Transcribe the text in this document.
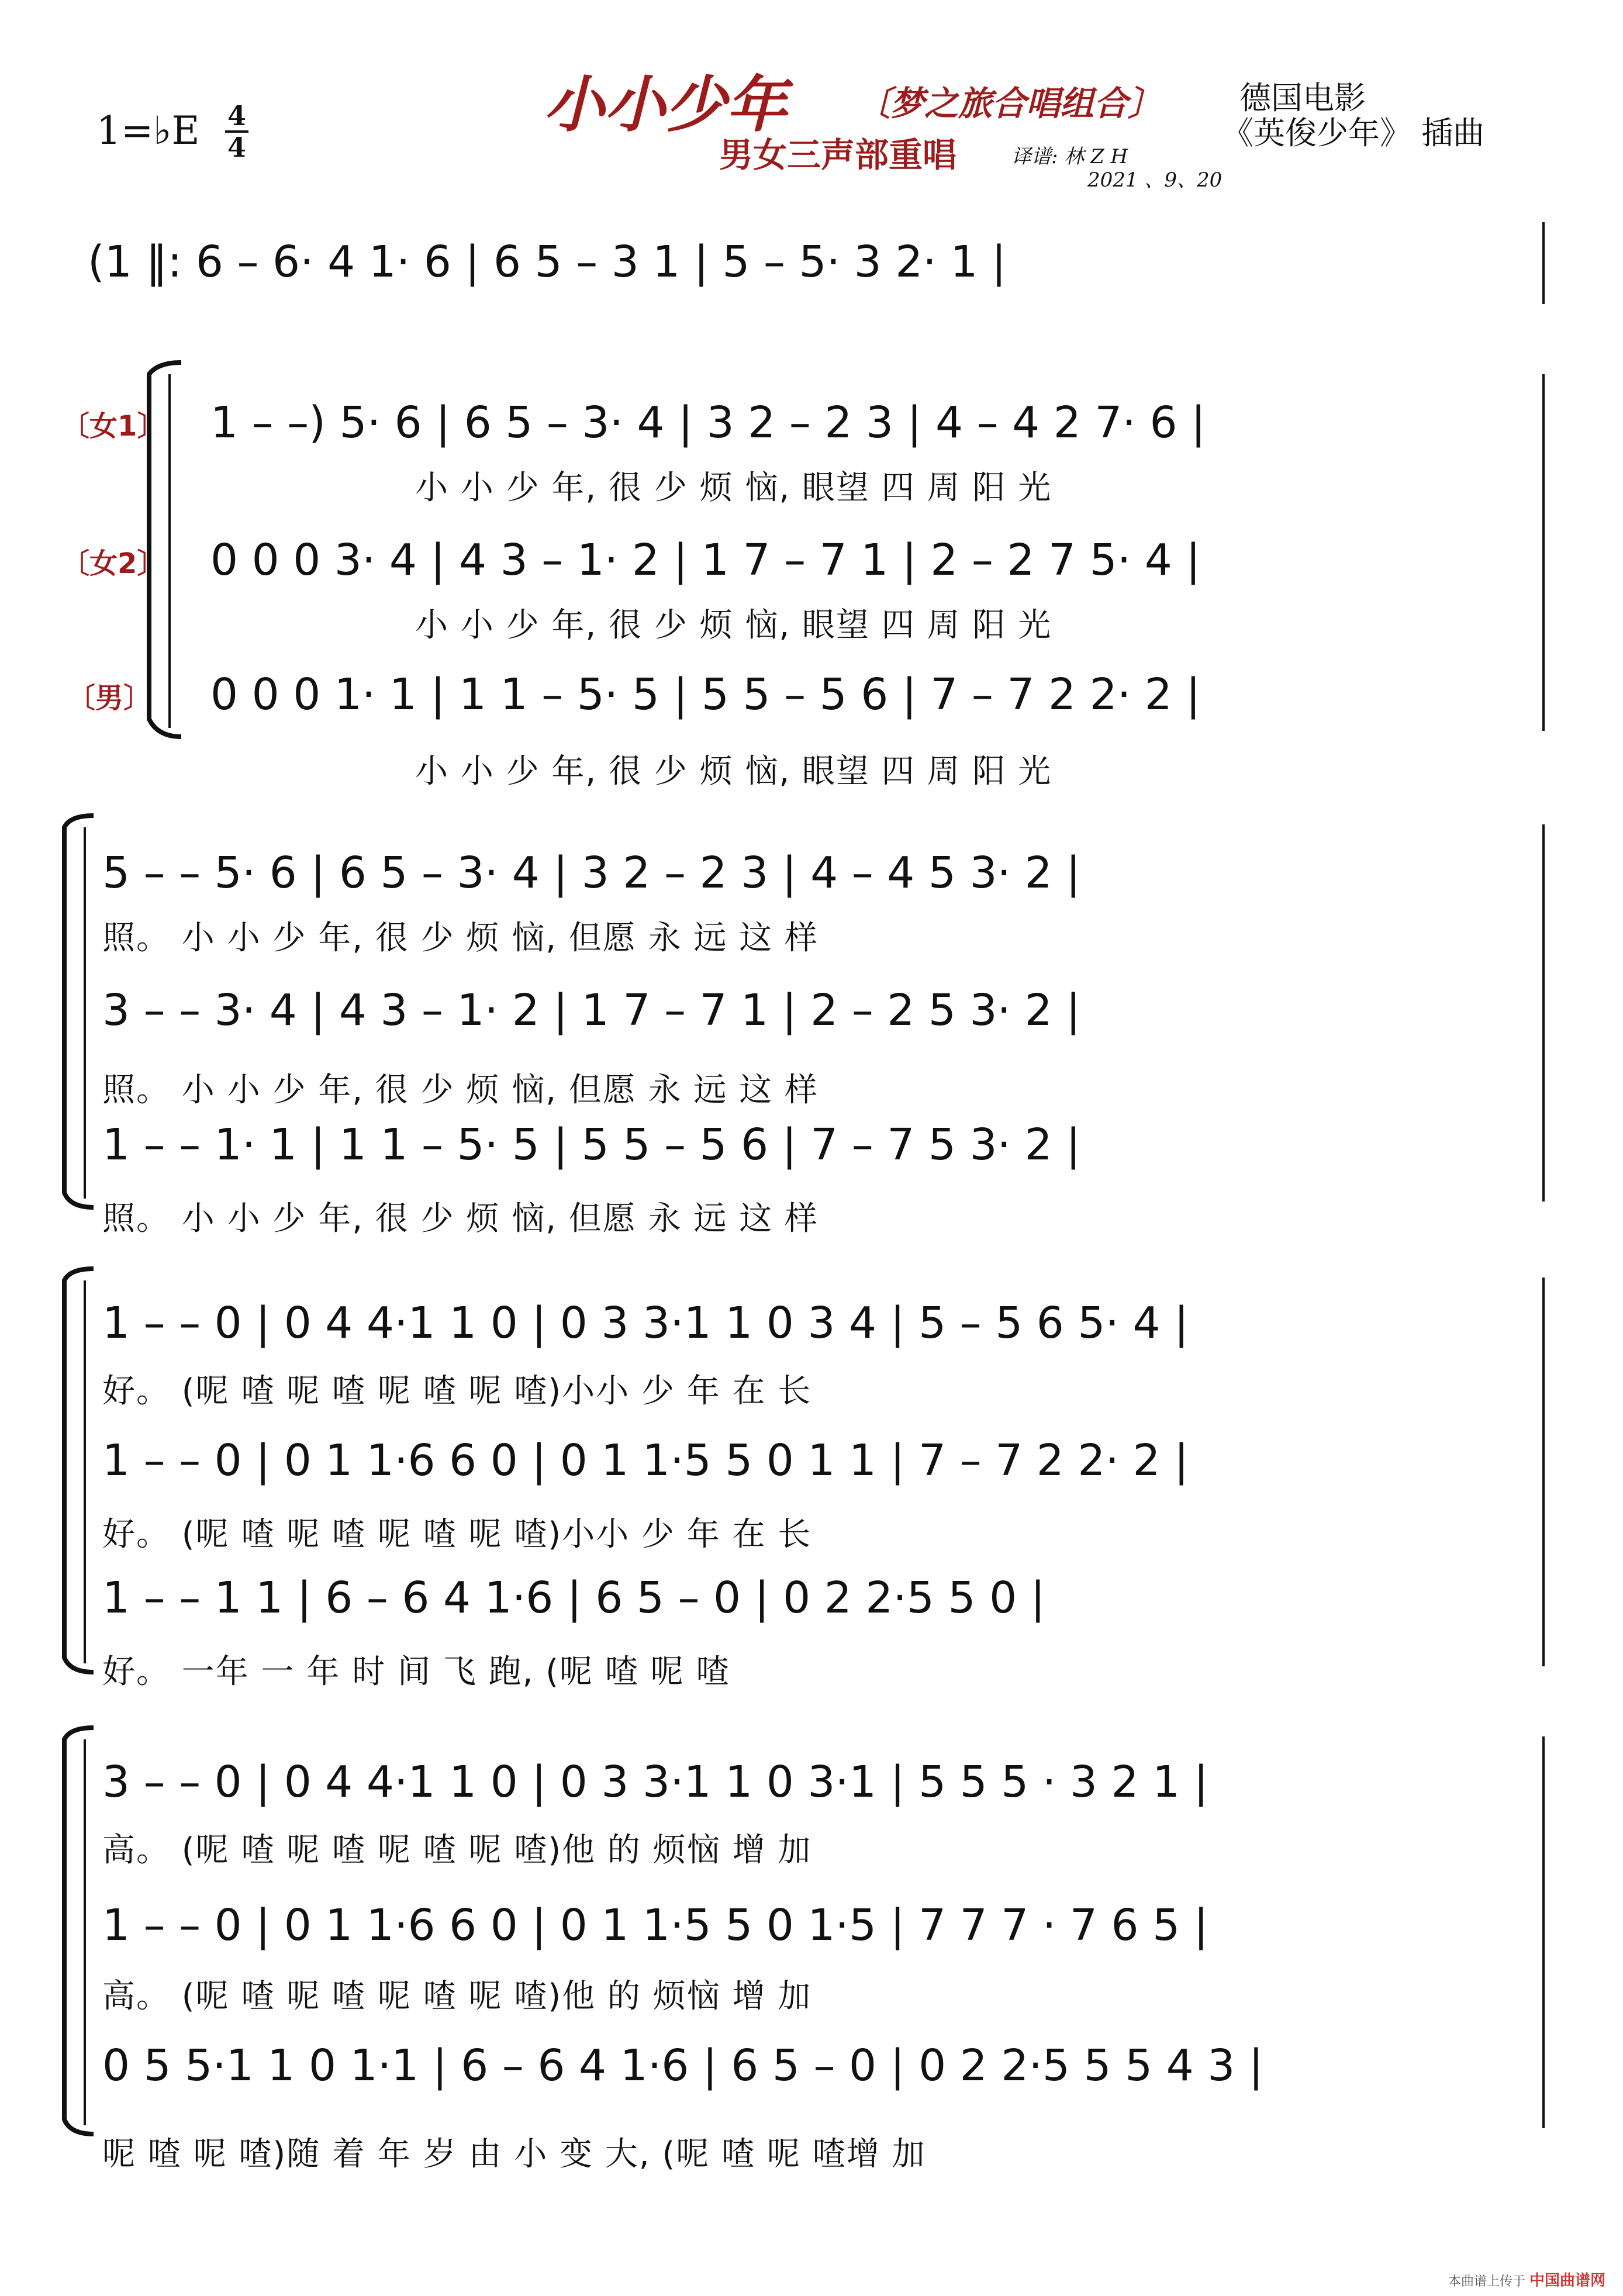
小小少年 〔梦之旅合唱组合〕
男女三声部重唱
德国电影
《英俊少年》 插曲
译谱: 林 Z H
2021 、9、20
1=♭E 4
4
(1 ‖: 6 – 6· 4 1· 6 | 6 5 – 3 1 | 5 – 5· 3 2· 1 |
〔女1〕
〔女2〕
〔男〕
1 – –) 5· 6 | 6 5 – 3· 4 | 3 2 – 2 3 | 4 – 4 2 7· 6 |
小 小 少 年, 很 少 烦 恼, 眼望 四 周 阳 光
0 0 0 3· 4 | 4 3 – 1· 2 | 1 7 – 7 1 | 2 – 2 7 5· 4 |
小 小 少 年, 很 少 烦 恼, 眼望 四 周 阳 光
0 0 0 1· 1 | 1 1 – 5· 5 | 5 5 – 5 6 | 7 – 7 2 2· 2 |
小 小 少 年, 很 少 烦 恼, 眼望 四 周 阳 光
5 – – 5· 6 | 6 5 – 3· 4 | 3 2 – 2 3 | 4 – 4 5 3· 2 |
照。 小 小 少 年, 很 少 烦 恼, 但愿 永 远 这 样
3 – – 3· 4 | 4 3 – 1· 2 | 1 7 – 7 1 | 2 – 2 5 3· 2 |
照。 小 小 少 年, 很 少 烦 恼, 但愿 永 远 这 样
1 – – 1· 1 | 1 1 – 5· 5 | 5 5 – 5 6 | 7 – 7 5 3· 2 |
照。 小 小 少 年, 很 少 烦 恼, 但愿 永 远 这 样
1 – – 0 | 0 4 4·1 1 0 | 0 3 3·1 1 0 3 4 | 5 – 5 6 5· 4 |
好。 (呢 喳 呢 喳 呢 喳 呢 喳)小小 少 年 在 长
1 – – 0 | 0 1 1·6 6 0 | 0 1 1·5 5 0 1 1 | 7 – 7 2 2· 2 |
好。 (呢 喳 呢 喳 呢 喳 呢 喳)小小 少 年 在 长
1 – – 1 1 | 6 – 6 4 1·6 | 6 5 – 0 | 0 2 2·5 5 0 |
好。 一年 一 年 时 间 飞 跑, (呢 喳 呢 喳
3 – – 0 | 0 4 4·1 1 0 | 0 3 3·1 1 0 3·1 | 5 5 5 · 3 2 1 |
高。 (呢 喳 呢 喳 呢 喳 呢 喳)他 的 烦恼 增 加
1 – – 0 | 0 1 1·6 6 0 | 0 1 1·5 5 0 1·5 | 7 7 7 · 7 6 5 |
高。 (呢 喳 呢 喳 呢 喳 呢 喳)他 的 烦恼 增 加
0 5 5·1 1 0 1·1 | 6 – 6 4 1·6 | 6 5 – 0 | 0 2 2·5 5 5 4 3 |
呢 喳 呢 喳)随 着 年 岁 由 小 变 大, (呢 喳 呢 喳增 加
本曲谱上传于 中国曲谱网
